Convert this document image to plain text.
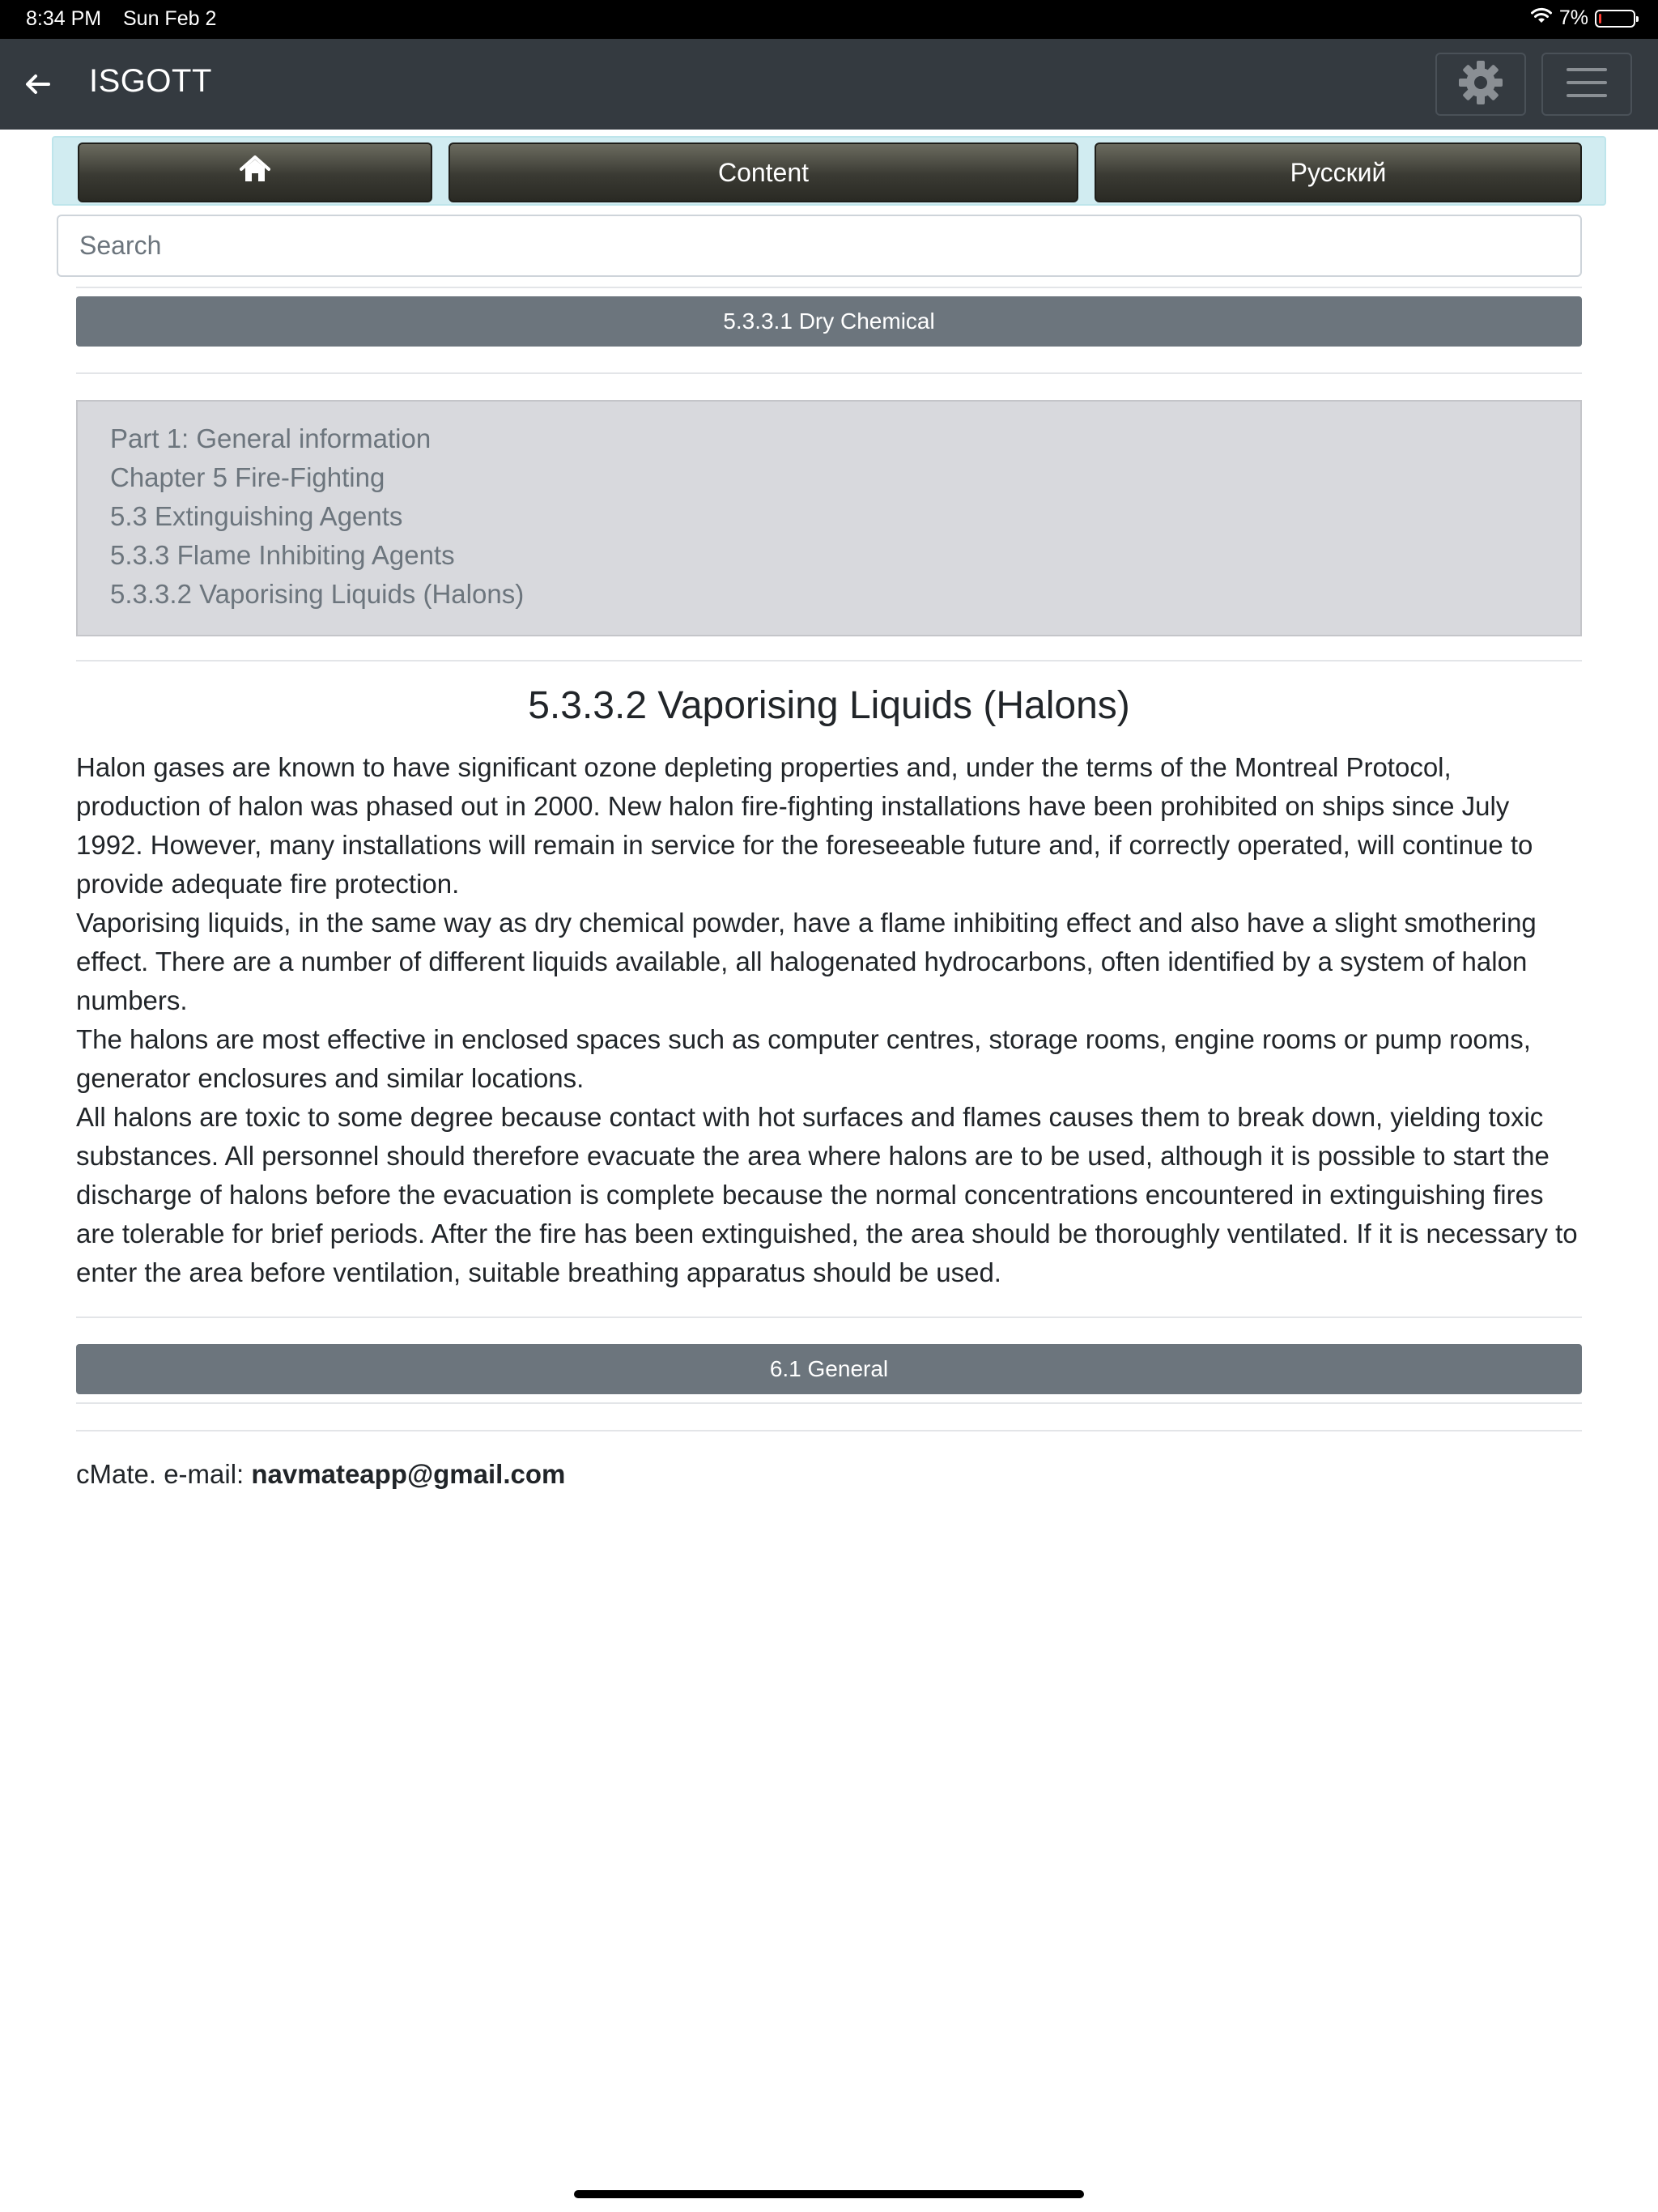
8:34 PM Sun Feb 2	7%
ISGOTT
Content	Русский
Search
5.3.3.1 Dry Chemical
Part 1: General information
Chapter 5 Fire-Fighting
5.3 Extinguishing Agents
5.3.3 Flame Inhibiting Agents
5.3.3.2 Vaporising Liquids (Halons)
5.3.3.2 Vaporising Liquids (Halons)

Halon gases are known to have significant ozone depleting properties and, under the terms of the Montreal Protocol, production of halon was phased out in 2000. New halon fire-fighting installations have been prohibited on ships since July 1992. However, many installations will remain in service for the foreseeable future and, if correctly operated, will continue to provide adequate fire protection.

Vaporising liquids, in the same way as dry chemical powder, have a flame inhibiting effect and also have a slight smothering effect. There are a number of different liquids available, all halogenated hydrocarbons, often identified by a system of halon numbers.

The halons are most effective in enclosed spaces such as computer centres, storage rooms, engine rooms or pump rooms, generator enclosures and similar locations.

All halons are toxic to some degree because contact with hot surfaces and flames causes them to break down, yielding toxic substances. All personnel should therefore evacuate the area where halons are to be used, although it is possible to start the discharge of halons before the evacuation is complete because the normal concentrations encountered in extinguishing fires are tolerable for brief periods. After the fire has been extinguished, the area should be thoroughly ventilated. If it is necessary to enter the area before ventilation, suitable breathing apparatus should be used.

6.1 General
cMate. e-mail: navmateapp@gmail.com
